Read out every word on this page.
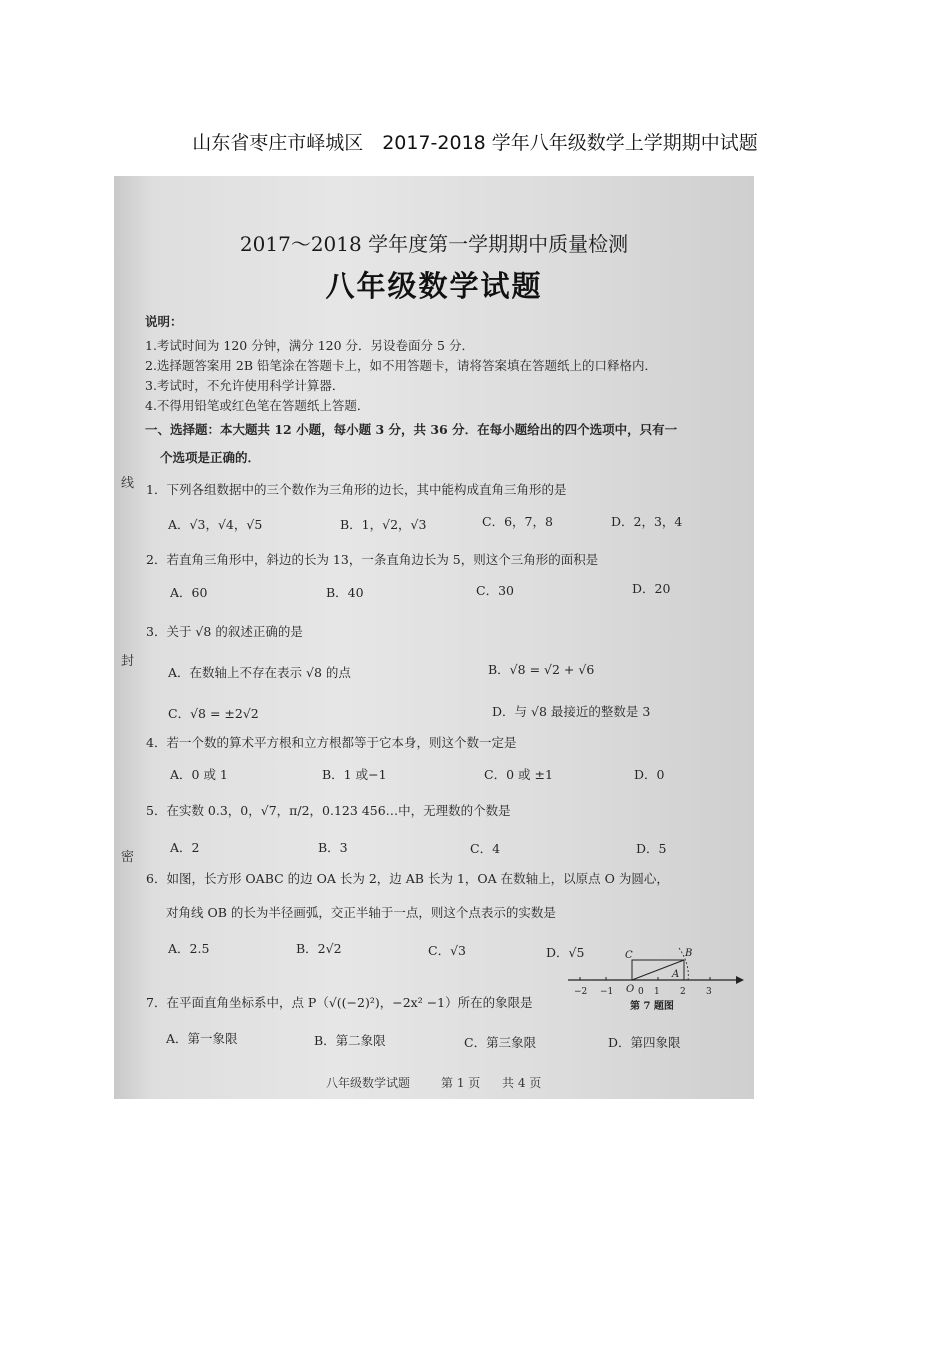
山东省枣庄市峄城区　2017-2018 学年八年级数学上学期期中试题
2017～2018 学年度第一学期期中质量检测
八年级数学试题
线
封
密
说明：
1.考试时间为 120 分钟，满分 120 分．另设卷面分 5 分．
2.选择题答案用 2B 铅笔涂在答题卡上，如不用答题卡，请将答案填在答题纸上的口释格内．
3.考试时，不允许使用科学计算器．
4.不得用铅笔或红色笔在答题纸上答题．
一、选择题：本大题共 12 小题，每小题 3 分，共 36 分．在每小题给出的四个选项中，只有一
个选项是正确的．
1．下列各组数据中的三个数作为三角形的边长，其中能构成直角三角形的是
A．√3，√4，√5	B．1，√2，√3	C．6，7，8	D．2，3，4
2．若直角三角形中，斜边的长为 13，一条直角边长为 5，则这个三角形的面积是
A．60	B．40	C．30	D．20
3．关于 √8 的叙述正确的是
A．在数轴上不存在表示 √8 的点	B．√8 = √2 + √6
C．√8 = ±2√2	D．与 √8 最接近的整数是 3
4．若一个数的算术平方根和立方根都等于它本身，则这个数一定是
A．0 或 1	B．1 或−1	C．0 或 ±1	D．0
5．在实数 0.3，0，√7，π/2，0.123 456…中，无理数的个数是
A．2	B．3	C．4	D．5
6．如图，长方形 OABC 的边 OA 长为 2，边 AB 长为 1，OA 在数轴上，以原点 O 为圆心，
对角线 OB 的长为半径画弧，交正半轴于一点，则这个点表示的实数是
A．2.5	B．2√2	C．√3	D．√5	C	B
A
O
−2 −1	0 1 2 3
第 7 题图
7．在平面直角坐标系中，点 P（√((−2)²)，−2x² −1）所在的象限是
A．第一象限	B．第二象限	C．第三象限	D．第四象限
八年级数学试题	第 1 页 共 4 页
